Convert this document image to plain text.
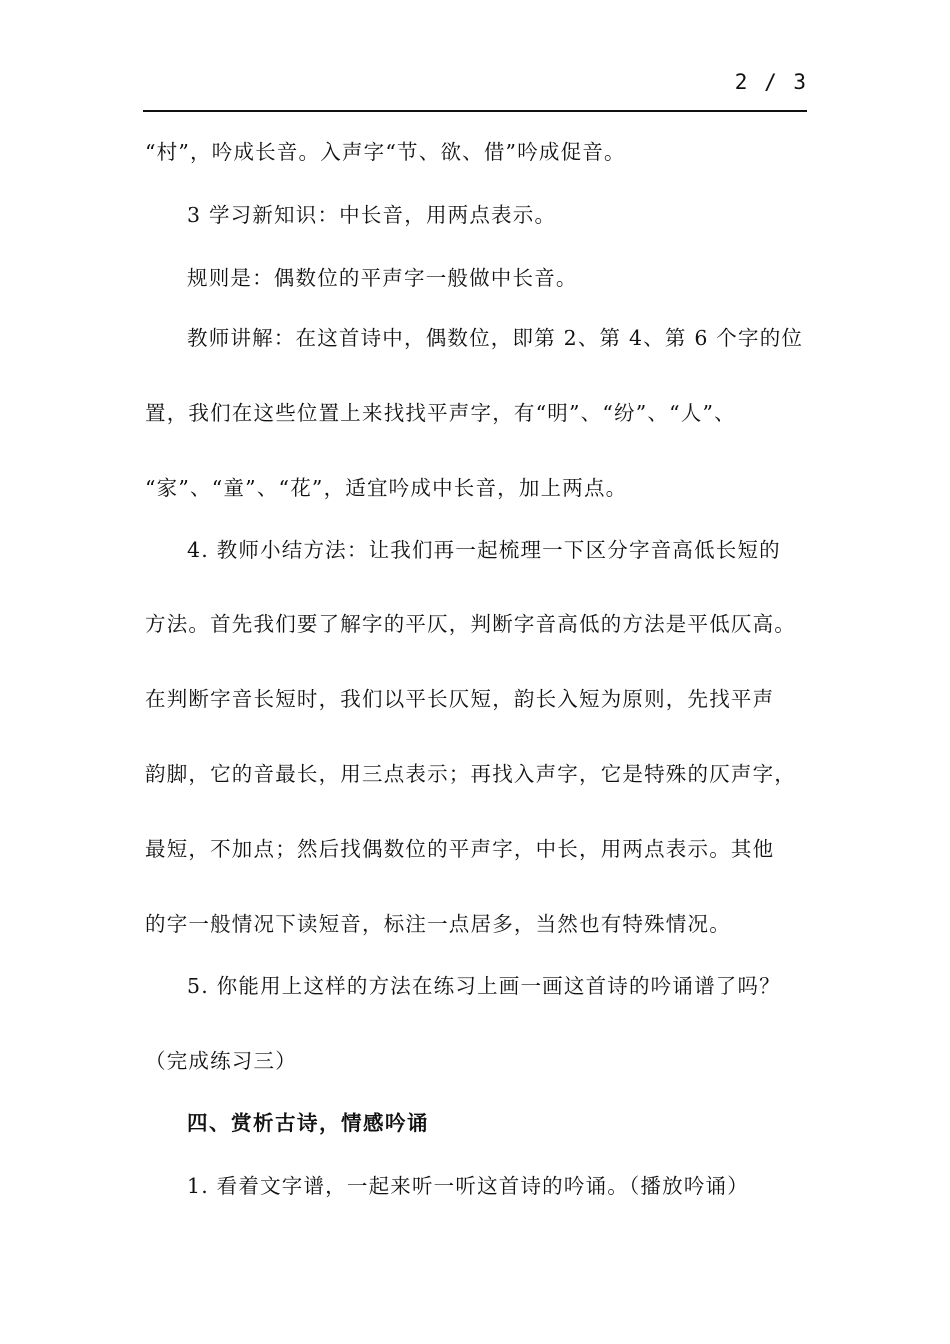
2 / 3
“村”，吟成长音。入声字“节、欲、借”吟成促音。
3 学习新知识：中长音，用两点表示。
规则是：偶数位的平声字一般做中长音。
教师讲解：在这首诗中，偶数位，即第 2、第 4、第 6 个字的位
置，我们在这些位置上来找找平声字，有“明”、“纷”、“人”、
“家”、“童”、“花”，适宜吟成中长音，加上两点。
4. 教师小结方法：让我们再一起梳理一下区分字音高低长短的
方法。首先我们要了解字的平仄，判断字音高低的方法是平低仄高。
在判断字音长短时，我们以平长仄短，韵长入短为原则，先找平声
韵脚，它的音最长，用三点表示；再找入声字，它是特殊的仄声字，
最短，不加点；然后找偶数位的平声字，中长，用两点表示。其他
的字一般情况下读短音，标注一点居多，当然也有特殊情况。
5. 你能用上这样的方法在练习上画一画这首诗的吟诵谱了吗？
（完成练习三）
四、赏析古诗，情感吟诵
1. 看着文字谱，一起来听一听这首诗的吟诵。（播放吟诵）
